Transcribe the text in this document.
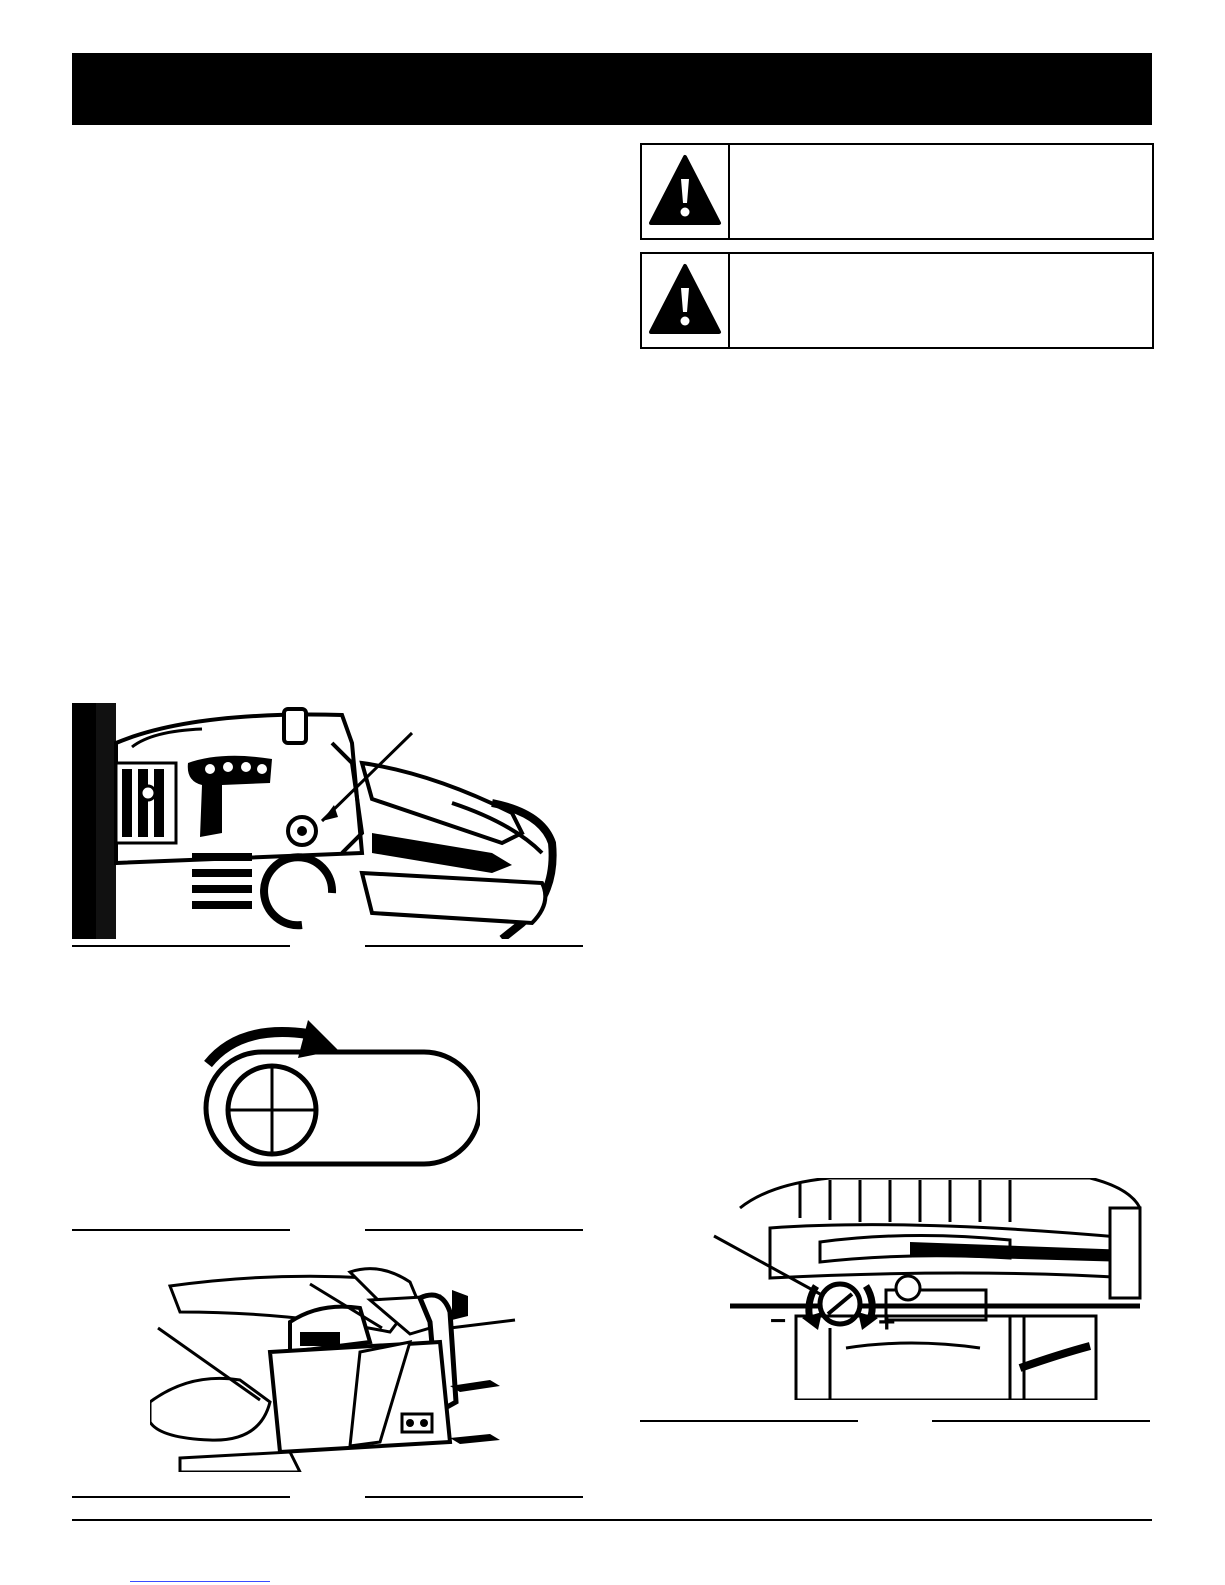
−	+
